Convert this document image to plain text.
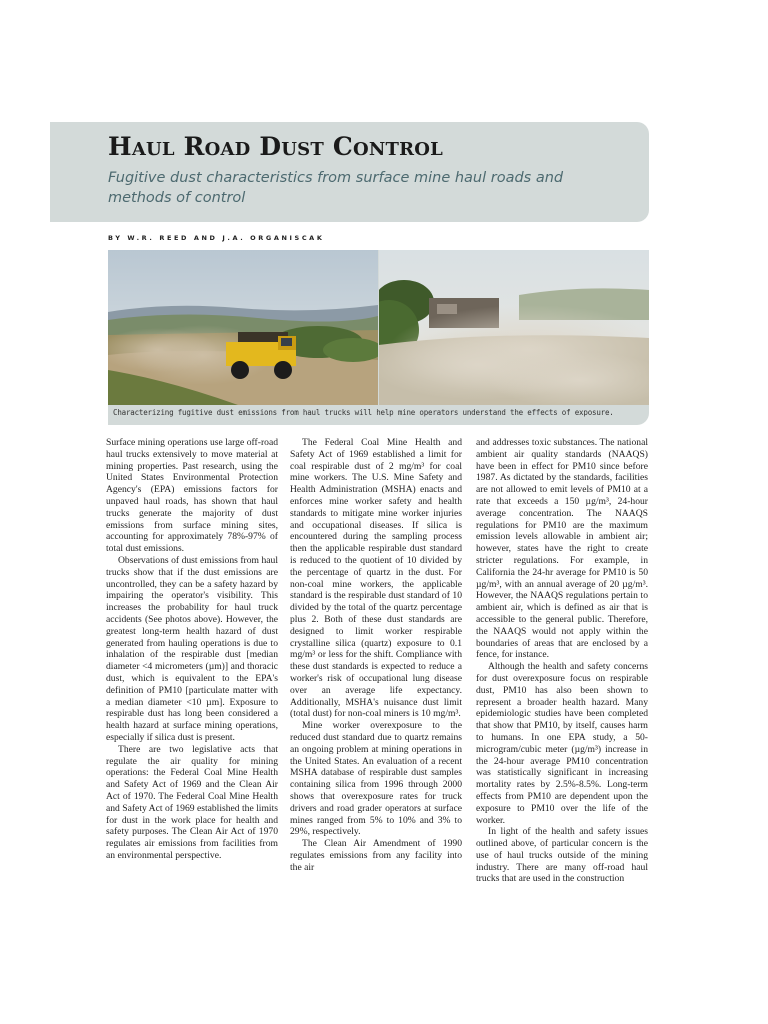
Haul Road Dust Control

Fugitive dust characteristics from surface mine haul roads and methods of control

BY W.R. REED AND J.A. ORGANISCAK
Characterizing fugitive dust emissions from haul trucks will help mine operators understand the effects of exposure.

Surface mining operations use large off-road haul trucks extensively to move material at mining properties. Past research, using the United States Environmental Protection Agency's (EPA) emissions factors for unpaved haul roads, has shown that haul trucks generate the majority of dust emissions from surface mining sites, accounting for approximately 78%-97% of total dust emissions.

Observations of dust emissions from haul trucks show that if the dust emissions are uncontrolled, they can be a safety hazard by impairing the operator's visibility. This increases the probability for haul truck accidents (See photos above). However, the greatest long-term health hazard of dust generated from hauling operations is due to inhalation of the respirable dust [median diameter <4 micrometers (µm)] and thoracic dust, which is equivalent to the EPA's definition of PM10 [particulate matter with a median diameter <10 µm]. Exposure to respirable dust has long been considered a health hazard at surface mining operations, especially if silica dust is present.

There are two legislative acts that regulate the air quality for mining operations: the Federal Coal Mine Health and Safety Act of 1969 and the Clean Air Act of 1970. The Federal Coal Mine Health and Safety Act of 1969 established the limits for dust in the work place for health and safety purposes. The Clean Air Act of 1970 regulates air emissions from facilities from an environmental perspective.

The Federal Coal Mine Health and Safety Act of 1969 established a limit for coal respirable dust of 2 mg/m³ for coal mine workers. The U.S. Mine Safety and Health Administration (MSHA) enacts and enforces mine worker safety and health standards to mitigate mine worker injuries and occupational diseases. If silica is encountered during the sampling process then the applicable respirable dust standard is reduced to the quotient of 10 divided by the percentage of quartz in the dust. For non-coal mine workers, the applicable standard is the respirable dust standard of 10 divided by the total of the quartz percentage plus 2. Both of these dust standards are designed to limit worker respirable crystalline silica (quartz) exposure to 0.1 mg/m³ or less for the shift. Compliance with these dust standards is expected to reduce a worker's risk of occupational lung disease over an average life expectancy. Additionally, MSHA's nuisance dust limit (total dust) for non-coal miners is 10 mg/m³.

Mine worker overexposure to the reduced dust standard due to quartz remains an ongoing problem at mining operations in the United States. An evaluation of a recent MSHA database of respirable dust samples containing silica from 1996 through 2000 shows that overexposure rates for truck drivers and road grader operators at surface mines ranged from 5% to 10% and 3% to 29%, respectively.

The Clean Air Amendment of 1990 regulates emissions from any facility into the air

and addresses toxic substances. The national ambient air quality standards (NAAQS) have been in effect for PM10 since before 1987. As dictated by the standards, facilities are not allowed to emit levels of PM10 at a rate that exceeds a 150 µg/m³, 24-hour average concentration. The NAAQS regulations for PM10 are the maximum emission levels allowable in ambient air; however, states have the right to create stricter regulations. For example, in California the 24-hr average for PM10 is 50 µg/m³, with an annual average of 20 µg/m³. However, the NAAQS regulations pertain to ambient air, which is defined as air that is accessible to the general public. Therefore, the NAAQS would not apply within the boundaries of areas that are enclosed by a fence, for instance.

Although the health and safety concerns for dust overexposure focus on respirable dust, PM10 has also been shown to represent a broader health hazard. Many epidemiologic studies have been completed that show that PM10, by itself, causes harm to humans. In one EPA study, a 50-microgram/cubic meter (µg/m³) increase in the 24-hour average PM10 concentration was statistically significant in increasing mortality rates by 2.5%-8.5%. Long-term effects from PM10 are dependent upon the exposure to PM10 over the life of the worker.

In light of the health and safety issues outlined above, of particular concern is the use of haul trucks outside of the mining industry. There are many off-road haul trucks that are used in the construction
